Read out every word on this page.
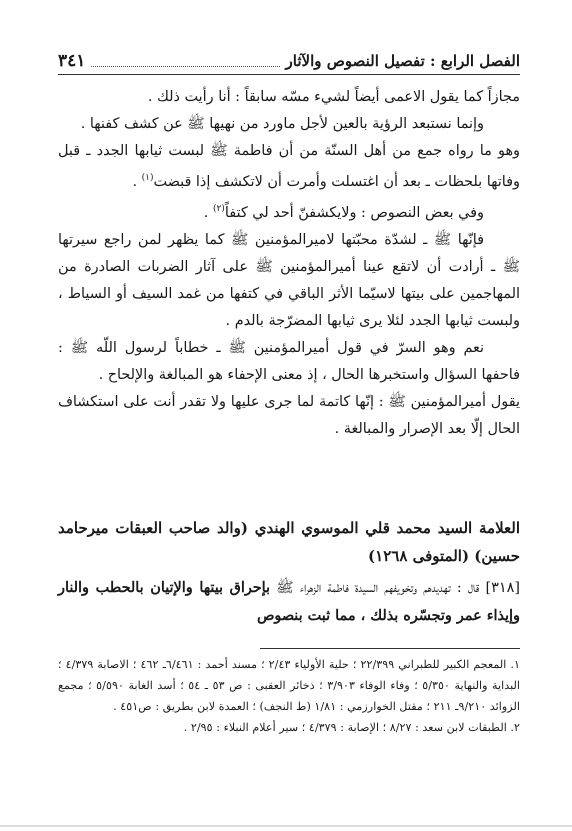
الفصل الرابع : تفصيل النصوص والآثار
٣٤١

مجازاً كما يقول الاعمى أيضاً لشيء مسّه سابقاً : أنا رأيت ذلك .

وإنما نستبعد الرؤية بالعين لأجل ماورد من نهيها ﷺ عن كشف كفنها .

وهو ما رواه جمع من أهل السنّة من أن فاطمة ﷺ لبست ثيابها الجدد ـ قبل وفاتها بلحظات ـ بعد أن اغتسلت وأمرت أن لاتكشف إذا قبضت$^{(١)}$ .

وفي بعض النصوص : ولايكشفنّ أحد لي كتفاً$^{(٢)}$ .

فإنّها ﷺ ـ لشدّة محبّتها لاميرالمؤمنين ﷺ كما يظهر لمن راجع سيرتها ﷺ ـ أرادت أن لاتقع عينا أميرالمؤمنين ﷺ على آثار الضربات الصادرة من المهاجمين على بيتها لاسيّما الأثر الباقي في كتفها من غمد السيف أو السياط ، ولبست ثيابها الجدد لئلا يرى ثيابها المضرّجة بالدم .

نعم وهو السرّ في قول أميرالمؤمنين ﷺ ـ خطاباً لرسول اللّه ﷺ : فاحفها السؤال واستخبرها الحال ، إذ معنى الإحفاء هو المبالغة والإلحاح .

يقول أميرالمؤمنين ﷺ : إنّها كاتمة لما جرى عليها ولا تقدر أنت على استكشاف الحال إلّا بعد الإصرار والمبالغة .

العلامة السيد محمد قلي الموسوي الهندي (والد صاحب العبقات ميرحامد حسين) (المتوفى ١٢٦٨)
[٣١٨] قال : تهديدهم وتخويفهم السيدة فاطمة الزهراء ﷺ بإحراق بيتها والإتيان بالحطب والنار وإيذاء عمر وتجسّره بذلك ، مما ثبت بنصوص

١. المعجم الكبير للطبراني ٢٢/٣٩٩ ؛ حلية الأولياء ٢/٤٣ ؛ مسند أحمد : ٦/٤٦١ـ ٤٦٢ ؛ الاصابة ٤/٣٧٩ ؛ البداية والنهاية ٥/٣٥٠ ؛ وفاء الوفاء ٣/٩٠٣ ؛ ذخائر العقبى : ص ٥٣ ـ ٥٤ ؛ أسد الغابة ٥/٥٩٠ ؛ مجمع الزوائد ٩/٢١٠ـ ٢١١ ؛ مقتل الخوارزمي : ١/٨١ (ط النجف) ؛ العمدة لابن بطريق : ص٤٥١ .

٢. الطبقات لابن سعد : ٨/٢٧ ؛ الإصابة : ٤/٣٧٩ ؛ سير أعلام النبلاء : ٢/٩٥ .
